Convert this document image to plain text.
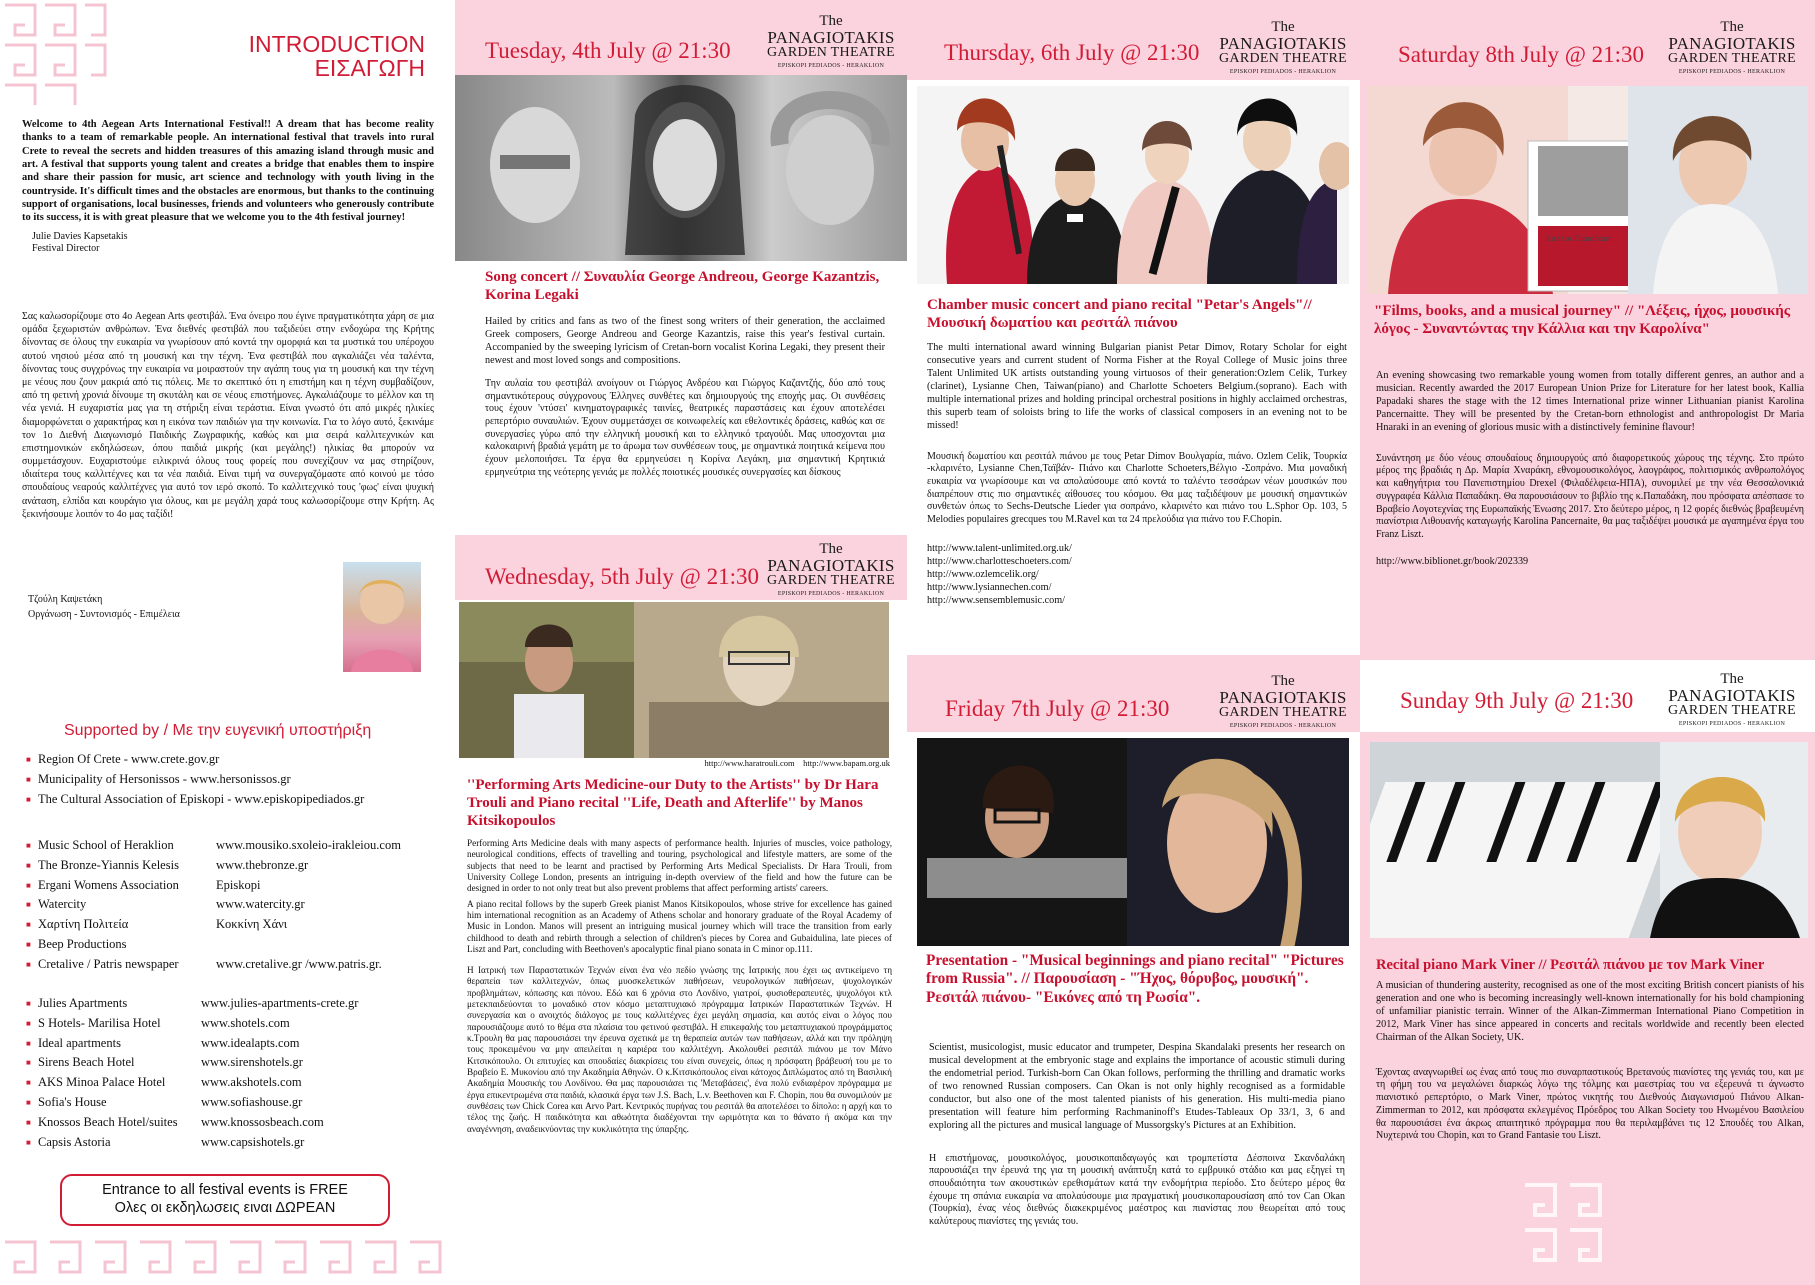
INTRODUCTION
ΕΙΣΑΓΩΓΗ
Welcome to 4th Aegean Arts International Festival!! A dream that has become reality thanks to a team of remarkable people. An international festival that travels into rural Crete to reveal the secrets and hidden treasures of this amazing island through music and art. A festival that supports young talent and creates a bridge that enables them to inspire and share their passion for music, art science and technology with youth living in the countryside. It's difficult times and the obstacles are enormous, but thanks to the continuing support of organisations, local businesses, friends and volunteers who generously contribute to its success, it is with great pleasure that we welcome you to the 4th festival journey!
Julie Davies Kapsetakis
Festival Director
Σας καλωσορίζουμε στο 4ο Aegean Arts φεστιβάλ. Ένα όνειρο που έγινε πραγματικότητα χάρη σε μια ομάδα ξεχωριστών ανθρώπων. Ένα διεθνές φεστιβάλ που ταξιδεύει στην ενδοχώρα της Κρήτης δίνοντας σε όλους την ευκαιρία να γνωρίσουν από κοντά την ομορφιά και τα μυστικά του υπέροχου αυτού νησιού μέσα από τη μουσική και την τέχνη. Ένα φεστιβάλ που αγκαλιάζει νέα ταλέντα, δίνοντας τους συγχρόνως την ευκαιρία να μοιραστούν την αγάπη τους για τη μουσική και την τέχνη με νέους που ζουν μακριά από τις πόλεις. Με το σκεπτικό ότι η επιστήμη και η τέχνη συμβαδίζουν, από τη φετινή χρονιά δίνουμε τη σκυτάλη και σε νέους επιστήμονες. Αγκαλιάζουμε το μέλλον και τη νέα γενιά. Η ευχαριστία μας για τη στήριξη είναι τεράστια. Είναι γνωστό ότι από μικρές ηλικίες διαμορφώνεται ο χαρακτήρας και η εικόνα των παιδιών για την κοινωνία. Για το λόγο αυτό, ξεκινάμε τον 1ο Διεθνή Διαγωνισμό Παιδικής Ζωγραφικής, καθώς και μια σειρά καλλιτεχνικών και επιστημονικών εκδηλώσεων, όπου παιδιά μικρής (και μεγάλης!) ηλικίας θα μπορούν να συμμετάσχουν. Ευχαριστούμε ειλικρινά όλους τους φορείς που συνεχίζουν να μας στηρίζουν, ιδιαίτερα τους καλλιτέχνες και τα νέα παιδιά. Είναι τιμή να συνεργαζόμαστε από κοινού με τόσο σπουδαίους νεαρούς καλλιτέχνες για αυτό τον ιερό σκοπό. Το καλλιτεχνικό τους 'φως' είναι ψυχική ανάταση, ελπίδα και κουράγιο για όλους, και με μεγάλη χαρά τους καλωσορίζουμε στην Κρήτη. Ας ξεκινήσουμε λοιπόν το 4ο μας ταξίδι!
Τζούλη Καψετάκη
Οργάνωση - Συντονισμός - Επιμέλεια
Supported by / Με την ευγενική υποστήριξη
■ Region Of Crete - www.crete.gov.gr
■ Municipality of Hersonissos - www.hersonissos.gr
■ The Cultural Association of Episkopi - www.episkopipediados.gr
■ Music School of Heraklion	www.mousiko.sxoleio-irakleiou.com
■ The Bronze-Yiannis Kelesis	www.thebronze.gr
■ Ergani Womens Association	Episkopi
■ Watercity	www.watercity.gr
■ Χαρτίνη Πολιτεία	Κοκκίνη Χάνι
■ Beep Productions
■ Cretalive / Patris newspaper	www.cretalive.gr /www.patris.gr.
■ Julies Apartments	www.julies-apartments-crete.gr
■ S Hotels- Marilisa Hotel	www.shotels.com
■ Ideal apartments	www.idealapts.com
■ Sirens Beach Hotel	www.sirenshotels.gr
■ AKS Minoa Palace Hotel	www.akshotels.com
■ Sofia's House	www.sofiashouse.gr
■ Knossos Beach Hotel/suites www.knossosbeach.com
■ Capsis Astoria	www.capsishotels.gr
Entrance to all festival events is FREE
Ολες οι εκδηλωσεις ειναι ΔΩΡΕΑΝ
Tuesday, 4th July @ 21:30
The
PANAGIOTAKIS
GARDEN THEATRE
EPISKOPI PEDIADOS - HERAKLION
Song concert // Συναυλία George Andreou, George Kazantzis, Korina Legaki

Hailed by critics and fans as two of the finest song writers of their generation, the acclaimed Greek composers, George Andreou and George Kazantzis, raise this year's festival curtain. Accompanied by the sweeping lyricism of Cretan-born vocalist Korina Legaki, they present their newest and most loved songs and compositions.

Την αυλαία του φεστιβάλ ανοίγουν οι Γιώργος Ανδρέου και Γιώργος Καζαντζής, δύο από τους σημαντικότερους σύγχρονους Έλληνες συνθέτες και δημιουργούς της εποχής μας. Οι συνθέσεις τους έχουν 'ντύσει' κινηματογραφικές ταινίες, θεατρικές παραστάσεις και έχουν αποτελέσει ρεπερτόριο συναυλιών. Έχουν συμμετάσχει σε κοινωφελείς και εθελοντικές δράσεις, καθώς και σε συνεργασίες γύρω από την ελληνική μουσική και το ελληνικό τραγούδι. Μας υποσχονται μια καλοκαιρινή βραδιά γεμάτη με το άρωμα των συνθέσεων τους, με σημαντικά ποιητικά κείμενα που έχουν μελοποιήσει. Τα έργα θα ερμηνεύσει η Κορίνα Λεγάκη, μια σημαντική Κρητικιά ερμηνεύτρια της νεότερης γενιάς με πολλές ποιοτικές μουσικές συνεργασίες και δίσκους

Wednesday, 5th July @ 21:30
The
PANAGIOTAKIS
GARDEN THEATRE
EPISKOPI PEDIADOS - HERAKLION
http://www.haratrouli.com http://www.bapam.org.uk
''Performing Arts Medicine-our Duty to the Artists'' by Dr Hara Trouli and Piano recital ''Life, Death and Afterlife'' by Manos Kitsikopoulos

Performing Arts Medicine deals with many aspects of performance health. Injuries of muscles, voice pathology, neurological conditions, effects of travelling and touring, psychological and lifestyle matters, are some of the subjects that need to be learnt and practised by Performing Arts Medical Specialists. Dr Hara Trouli, from University College London, presents an intriguing in-depth overview of the field and how the future can be designed in order to not only treat but also prevent problems that affect performing artists' careers.

A piano recital follows by the superb Greek pianist Manos Kitsikopoulos, whose strive for excellence has gained him international recognition as an Academy of Athens scholar and honorary graduate of the Royal Academy of Music in London. Manos will present an intriguing musical journey which will trace the transition from early childhood to death and rebirth through a selection of children's pieces by Corea and Gubaidulina, late pieces of Liszt and Part, concluding with Beethoven's apocalyptic final piano sonata in C minor op.111.

Η Ιατρική των Παραστατικών Τεχνών είναι ένα νέο πεδίο γνώσης της Ιατρικής που έχει ως αντικείμενο τη θεραπεία των καλλιτεχνών, όπως μυοσκελετικών παθήσεων, νευρολογικών παθήσεων, ψυχολογικών προβλημάτων, κόπωσης και πόνου. Εδώ και 6 χρόνια στο Λονδίνο, γιατροί, φυσιοθεραπευτές, ψυχολόγοι κτλ μετεκπαιδεύονται το μοναδικό στον κόσμο μεταπτυχιακό πρόγραμμα Ιατρικών Παραστατικών Τεχνών. Η συνεργασία και ο ανοιχτός διάλογος με τους καλλιτέχνες έχει μεγάλη σημασία, και αυτός είναι ο λόγος που παρουσιάζουμε αυτό το θέμα στα πλαίσια του φετινού φεστιβάλ. Η επικεφαλής του μεταπτυχιακού προγράμματος κ.Τρουλη θα μας παρουσιάσει την έρευνα σχετικά με τη θεραπεία αυτών των παθήσεων, αλλά και την πρόληψη τους προκειμένου να μην απειλείται η καριέρα του καλλιτέχνη. Ακολουθεί ρεσιτάλ πιάνου με τον Μάνο Κιτσικόπουλο. Οι επιτυχίες και σπουδαίες διακρίσεις του είναι συνεχείς, όπως η πρόσφατη βράβευσή του με το Βραβείο Ε. Μυκονίου από την Ακαδημία Αθηνών. Ο κ.Κιτσικόπουλος είναι κάτοχος Διπλώματος από τη Βασιλική Ακαδημία Μουσικής του Λονδίνου. Θα μας παρουσιάσει τις 'Μεταβάσεις', ένα πολύ ενδιαφέρον πρόγραμμα με έργα επικεντρωμένα στα παιδιά, κλασικά έργα των J.S. Bach, L.v. Beethoven και F. Chopin, που θα συνομιλούν με συνθέσεις των Chick Corea και Arvo Part. Κεντρικός πυρήνας του ρεσιτάλ θα αποτελέσει το δίπολο: η αρχή και το τέλος της ζωής. Η παιδικότητα και αθωότητα διαδέχονται την ωριμότητα και το θάνατο ή ακόμα και την αναγέννηση, αναδεικνύοντας την κυκλικότητα της ύπαρξης.

Thursday, 6th July @ 21:30
The
PANAGIOTAKIS
GARDEN THEATRE
EPISKOPI PEDIADOS - HERAKLION
Chamber music concert and piano recital "Petar's Angels"// Μουσική δωματίου και ρεσιτάλ πιάνου

The multi international award winning Bulgarian pianist Petar Dimov, Rotary Scholar for eight consecutive years and current student of Norma Fisher at the Royal College of Music joins three Talent Unlimited UK artists outstanding young virtuosos of their generation:Ozlem Celik, Turkey (clarinet), Lysianne Chen, Taiwan(piano) and Charlotte Schoeters Belgium.(soprano). Each with multiple international prizes and holding principal orchestral positions in highly acclaimed orchestras, this superb team of soloists bring to life the works of classical composers in an evening not to be missed!

Μουσική δωματίου και ρεσιτάλ πιάνου με τους Petar Dimov Βουλγαρία, πιάνο. Ozlem Celik, Τουρκία -κλαρινέτο, Lysianne Chen,Ταϊβάν- Πιάνο και Charlotte Schoeters,Βέλγιο -Σοπράνο. Μια μοναδική ευκαιρία να γνωρίσουμε και να απολαύσουμε από κοντά το ταλέντο τεσσάρων νέων μουσικών που διαπρέπουν στις πιο σημαντικές αίθουσες του κόσμου. Θα μας ταξιδέψουν με μουσική σημαντικών συνθετών όπως το Sechs-Deutsche Lieder για σοπράνο, κλαρινέτο και πιάνο του L.Sphor Op. 103, 5 Melodies populaires grecques του M.Ravel και τα 24 πρελούδια για πιάνο του F.Chopin.

http://www.talent-unlimited.org.uk/
http://www.charlotteschoeters.com/
http://www.ozlemcelik.org/
http://www.lysiannechen.com/
http://www.sensemblemusic.com/
Friday 7th July @ 21:30
The
PANAGIOTAKIS
GARDEN THEATRE
EPISKOPI PEDIADOS - HERAKLION
Presentation - "Musical beginnings and piano recital" "Pictures from Russia". // Παρουσίαση - "Ήχος, θόρυβος, μουσική". Ρεσιτάλ πιάνου- "Εικόνες από τη Ρωσία".

Scientist, musicologist, music educator and trumpeter, Despina Skandalaki presents her research on musical development at the embryonic stage and explains the importance of acoustic stimuli during the endometrial period. Turkish-born Can Okan follows, performing the thrilling and dramatic works of two renowned Russian composers. Can Okan is not only highly recognised as a formidable conductor, but also one of the most talented pianists of his generation. His multi-media piano presentation will feature him performing Rachmaninoff's Etudes-Tableaux Op 33/1, 3, 6 and exploring all the pictures and musical language of Mussorgsky's Pictures at an Exhibition.

Η επιστήμονας, μουσικολόγος, μουσικοπαιδαγωγός και τρομπετίστα Δέσποινα Σκανδαλάκη παρουσιάζει την έρευνά της για τη μουσική ανάπτυξη κατά το εμβρυικό στάδιο και μας εξηγεί τη σπουδαιότητα των ακουστικών ερεθισμάτων κατά την ενδομήτρια περίοδο. Στο δεύτερο μέρος θα έχουμε τη σπάνια ευκαιρία να απολαύσουμε μια πραγματική μουσικοπαρουσίαση από τον Can Okan (Τουρκία), ένας νέος διεθνώς διακεκριμένος μαέστρος και πιανίστας που θεωρείται από τους καλύτερους πιανίστες της γενιάς του.

Saturday 8th July @ 21:30
The
PANAGIOTAKIS
GARDEN THEATRE
EPISKOPI PEDIADOS - HERAKLION
Κάλλια Παπαδάκη
"Films, books, and a musical journey" // "Λέξεις, ήχος, μουσικής λόγος - Συναντώντας την Κάλλια και την Καρολίνα"

An evening showcasing two remarkable young women from totally different genres, an author and a musician. Recently awarded the 2017 European Union Prize for Literature for her latest book, Kallia Papadaki shares the stage with the 12 times International prize winner Lithuanian pianist Karolina Pancernaitte. They will be presented by the Cretan-born ethnologist and anthropologist Dr Maria Hnaraki in an evening of glorious music with a distinctively feminine flavour!

Συνάντηση με δύο νέους σπουδαίους δημιουργούς από διαφορετικούς χώρους της τέχνης. Στο πρώτο μέρος της βραδιάς η Δρ. Μαρία Χναράκη, εθνομουσικολόγος, λαογράφος, πολιτισμικός ανθρωπολόγος και καθηγήτρια του Πανεπιστημίου Drexel (Φιλαδέλφεια-ΗΠΑ), συνομιλεί με την νέα Θεσσαλονικιά συγγραφέα Κάλλια Παπαδάκη. Θα παρουσιάσουν το βιβλίο της κ.Παπαδάκη, που πρόσφατα απέσπασε το Βραβείο Λογοτεχνίας της Ευρωπαϊκής Ένωσης 2017. Στο δεύτερο μέρος, η 12 φορές διεθνώς βραβευμένη πιανίστρια Λιθουανής καταγωγής Karolina Pancernaite, θα μας ταξιδέψει μουσικά με αγαπημένα έργα του Franz Liszt.

http://www.biblionet.gr/book/202339
Sunday 9th July @ 21:30
The
PANAGIOTAKIS
GARDEN THEATRE
EPISKOPI PEDIADOS - HERAKLION
Recital piano Mark Viner // Ρεσιτάλ πιάνου με τον Mark Viner

A musician of thundering austerity, recognised as one of the most exciting British concert pianists of his generation and one who is becoming increasingly well-known internationally for his bold championing of unfamiliar pianistic terrain. Winner of the Alkan-Zimmerman International Piano Competition in 2012, Mark Viner has since appeared in concerts and recitals worldwide and recently been elected Chairman of the Alkan Society, UK.

Έχοντας αναγνωριθεί ως ένας από τους πιο συναρπαστικούς Βρετανούς πιανίστες της γενιάς του, και με τη φήμη του να μεγαλώνει διαρκώς λόγω της τόλμης και μαεστρίας του να εξερευνά τι άγνωστο πιανιστικό ρεπερτόριο, ο Mark Viner, πρώτος νικητής του Διεθνούς Διαγωνισμού Πιάνου Alkan-Zimmerman το 2012, και πρόσφατα εκλεγμένος Πρόεδρος του Alkan Society του Ηνωμένου Βασιλείου θα παρουσιάσει ένα άκρως απαιτητικό πρόγραμμα που θα περιλαμβάνει τις 12 Σπουδές του Alkan, Νυχτερινά του Chopin, και το Grand Fantasie του Liszt.
